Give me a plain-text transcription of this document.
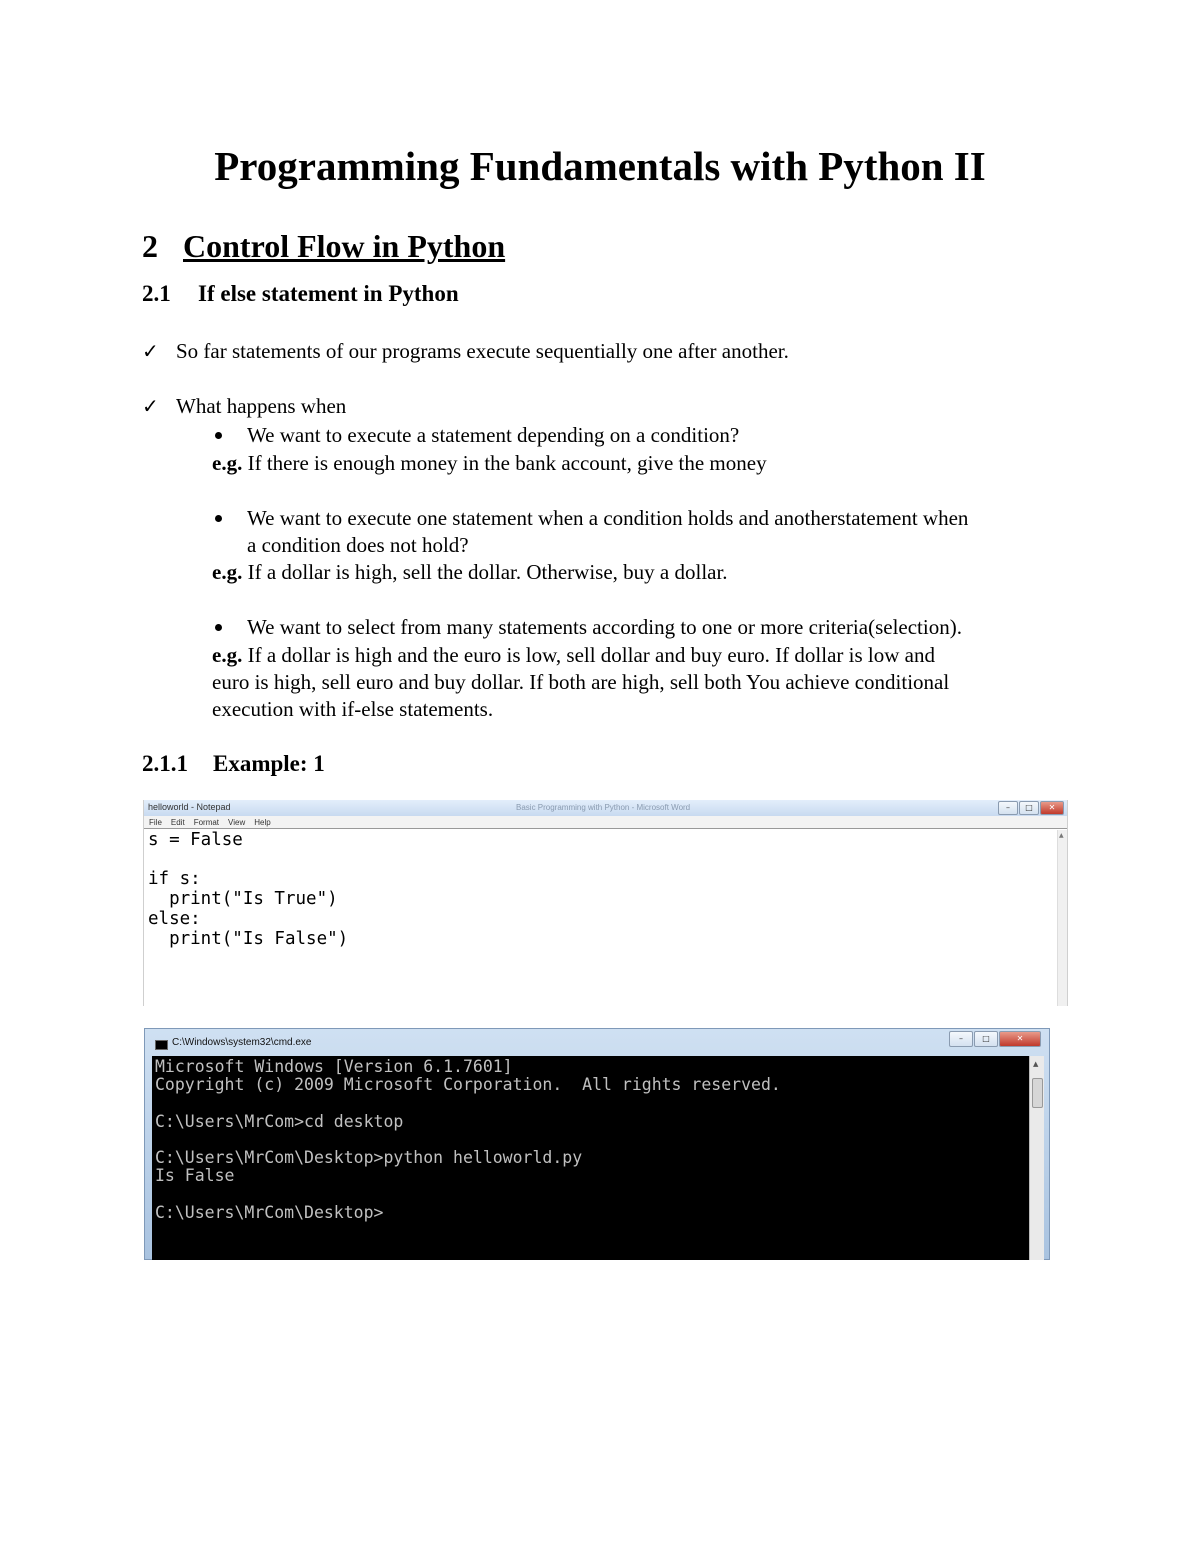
Programming Fundamentals with Python II
2 Control Flow in Python
2.1 If else statement in Python
✓ So far statements of our programs execute sequentially one after another.
✓ What happens when
We want to execute a statement depending on a condition?
e.g. If there is enough money in the bank account, give the money
We want to execute one statement when a condition holds and anotherstatement when
a condition does not hold?
e.g. If a dollar is high, sell the dollar. Otherwise, buy a dollar.
We want to select from many statements according to one or more criteria(selection).
e.g. If a dollar is high and the euro is low, sell dollar and buy euro. If dollar is low and
euro is high, sell euro and buy dollar. If both are high, sell both You achieve conditional
execution with if-else statements.
2.1.1 Example: 1
helloworld - Notepad	Basic Programming with Python - Microsoft Word	–	□	✕
File Edit Format View Help
s = False

if s:
print("Is True")
else:
print("Is False")
▲
C:\Windows\system32\cmd.exe	–	□	✕
Microsoft Windows [Version 6.1.7601]
Copyright (c) 2009 Microsoft Corporation.  All rights reserved.

C:\Users\MrCom>cd desktop

C:\Users\MrCom\Desktop>python helloworld.py
Is False

C:\Users\MrCom\Desktop>
▲
